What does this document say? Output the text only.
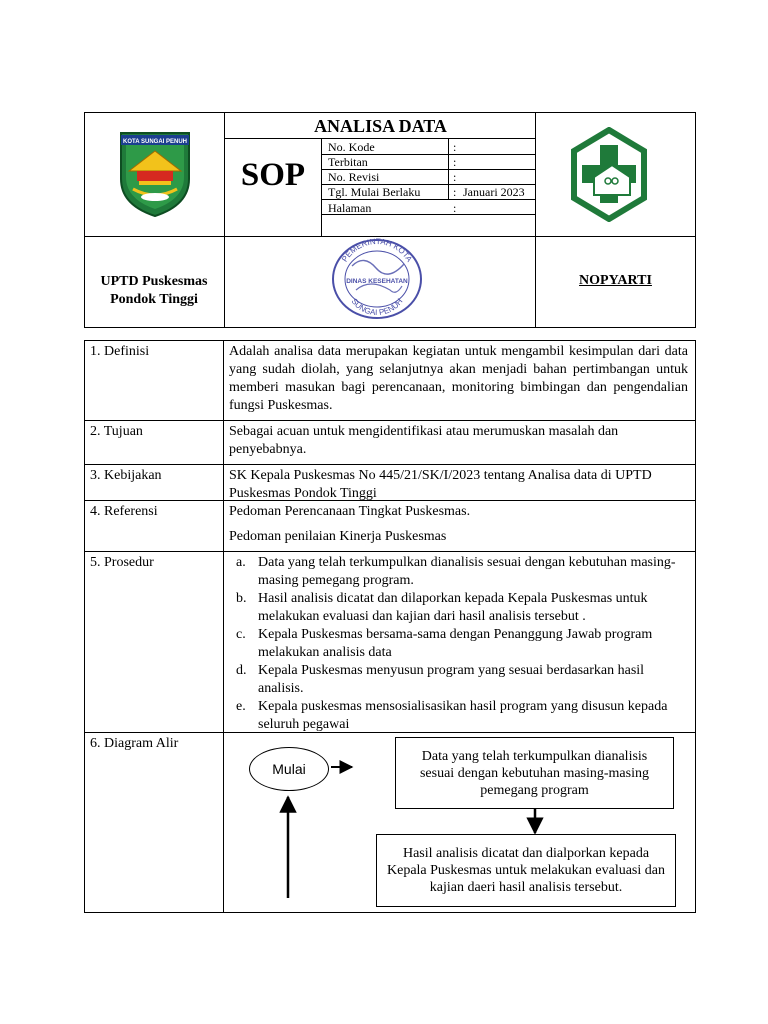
KOTA SUNGAI PENUH
SOP
ANALISA DATA
No. Kode	:
Terbitan	:
No. Revisi	:
Tgl. Mulai Berlaku	: Januari 2023
Halaman	:
UPTD Puskesmas Pondok Tinggi
PEMERINTAH KOTA
SUNGAI PENUH
DINAS KESEHATAN	NOPYARTI
1. Definisi	Adalah analisa data merupakan kegiatan untuk mengambil kesimpulan dari data yang sudah diolah, yang selanjutnya akan menjadi bahan pertimbangan untuk memberi masukan bagi perencanaan, monitoring bimbingan dan pengendalian fungsi Puskesmas.
2. Tujuan	Sebagai acuan untuk mengidentifikasi atau merumuskan masalah dan penyebabnya.
3. Kebijakan	SK Kepala Puskesmas No 445/21/SK/I/2023 tentang Analisa data di UPTD Puskesmas Pondok Tinggi
4. Referensi	Pedoman Perencanaan Tingkat Puskesmas.
Pedoman penilaian Kinerja Puskesmas
5. Prosedur	a. Data yang telah terkumpulkan dianalisis sesuai dengan kebutuhan masing-masing pemegang program.
b. Hasil analisis dicatat dan dilaporkan kepada Kepala Puskesmas untuk melakukan evaluasi dan kajian dari hasil analisis tersebut .
c. Kepala Puskesmas bersama-sama dengan Penanggung Jawab program melakukan analisis data
d. Kepala Puskesmas menyusun program yang sesuai berdasarkan hasil analisis.
e. Kepala puskesmas mensosialisasikan hasil program yang disusun kepada seluruh pegawai
6. Diagram Alir
Mulai
Data yang telah terkumpulkan dianalisis sesuai dengan kebutuhan masing-masing pemegang program
Hasil analisis dicatat dan dialporkan kepada Kepala Puskesmas untuk melakukan evaluasi dan kajian daeri hasil analisis tersebut.
